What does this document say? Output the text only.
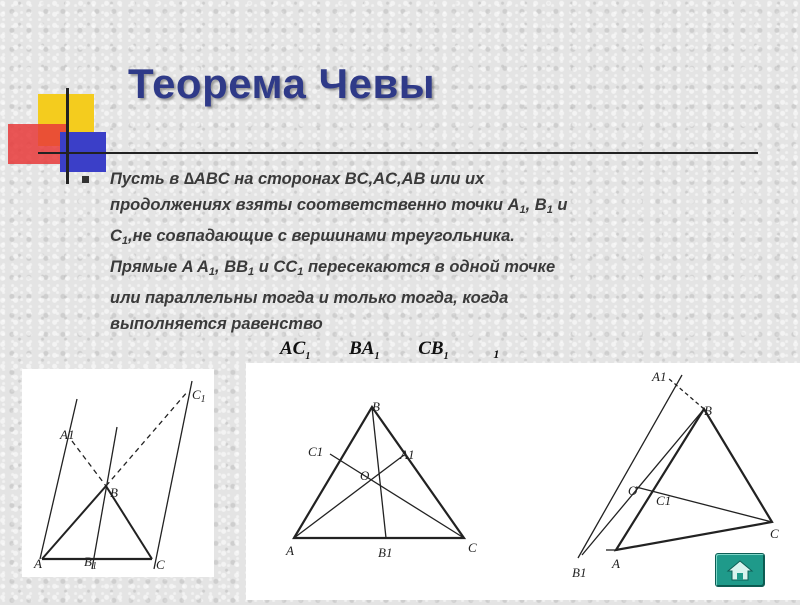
Теорема Чевы
Пусть в ∆ABC на сторонах BC,AC,AB или их
продолжениях взяты соответственно точки $A_1$, $B_1$ и
$C_1,не$ совпадающие с вершинами треугольника.
Прямые A $A_1$, $BB_1$ и $CC_1$ пересекаются в одной точке
или параллельны тогда и только тогда, когда
выполняется равенство
$AC_1$ $BA_1$ $CB_1$	$_1$
A
B
C
A1
$B_1$
$C_1$
A
B
C
C1	A1
B1
O
A
B
C
A1
B1
C1
O
